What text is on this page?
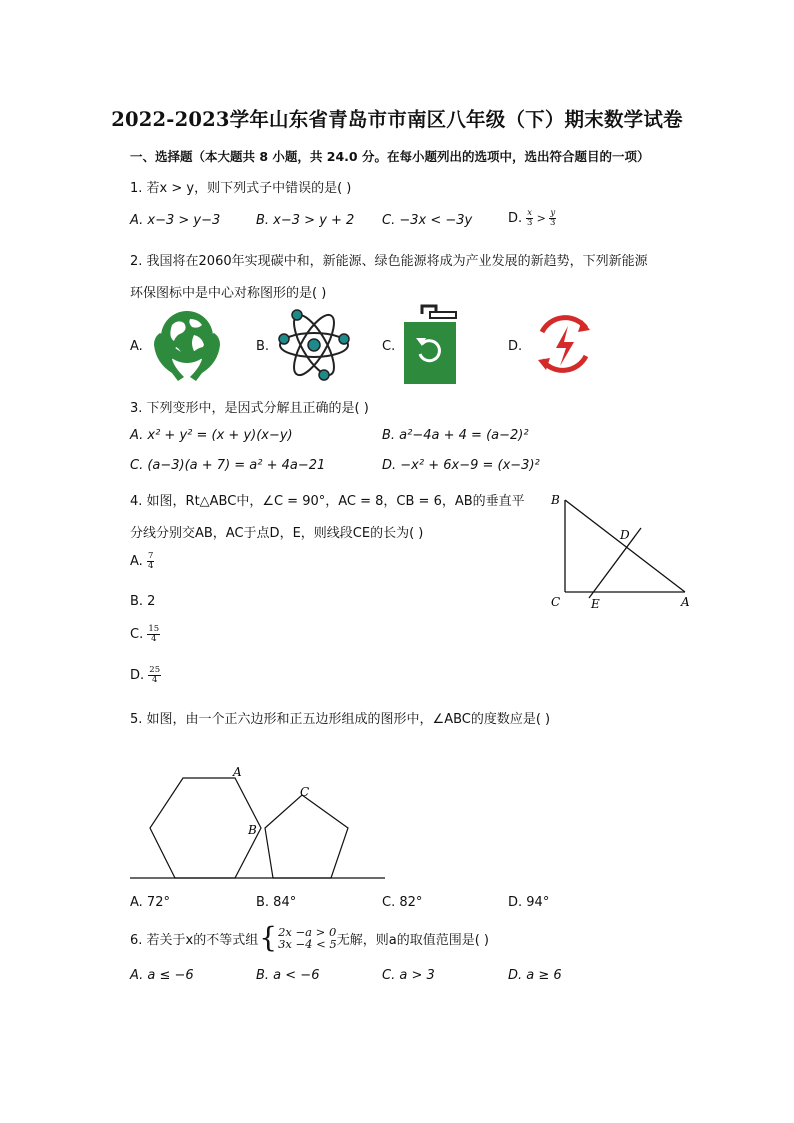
2022-2023学年山东省青岛市市南区八年级（下）期末数学试卷
一、选择题（本大题共 8 小题，共 24.0 分。在每小题列出的选项中，选出符合题目的一项）
1. 若x > y，则下列式子中错误的是( )
A. x−3 > y−3	B. x−3 > y + 2 C. −3x < −3y	D. $\frac{x}{3} > \frac{y}{3}$
2. 我国将在2060年实现碳中和，新能源、绿色能源将成为产业发展的新趋势，下列新能源
环保图标中是中心对称图形的是( )
A.	B.	C.	D.
3. 下列变形中，是因式分解且正确的是( )
A. x² + y² = (x + y)(x−y)	B. a²−4a + 4 = (a−2)²
C. (a−3)(a + 7) = a² + 4a−21	D. −x² + 6x−9 = (x−3)²
4. 如图，Rt△ABC中，∠C = 90°，AC = 8，CB = 6，AB的垂直平
分线分别交AB，AC于点D，E，则线段CE的长为( )
A. $\frac{7}{4}$
B. 2
C. $\frac{15}{4}$
D. $\frac{25}{4}$
B
D
C	E	A
5. 如图，由一个正六边形和正五边形组成的图形中，∠ABC的度数应是( )
A
B
C
A. 72°	B. 84°	C. 82°	D. 94°
6. 若关于x的不等式组 { 2x −a > 0
3x −4 < 5 无解，则a的取值范围是( )
A. a ≤ −6	B. a < −6	C. a > 3	D. a ≥ 6
